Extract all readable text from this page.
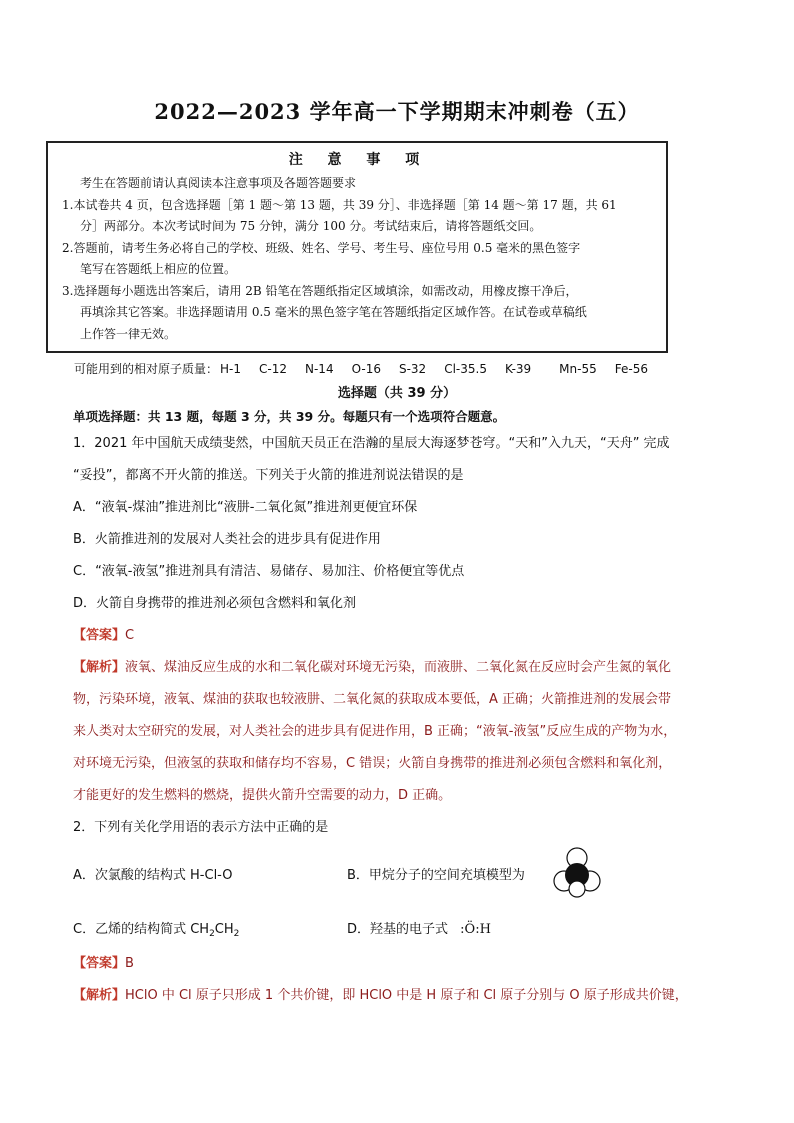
2022—2023 学年高一下学期期末冲刺卷（五）
注 意 事 项

考生在答题前请认真阅读本注意事项及各题答题要求

1.本试卷共 4 页，包含选择题［第 1 题～第 13 题，共 39 分］、非选择题［第 14 题～第 17 题，共 61

分］两部分。本次考试时间为 75 分钟，满分 100 分。考试结束后，请将答题纸交回。

2.答题前，请考生务必将自己的学校、班级、姓名、学号、考生号、座位号用 0.5 毫米的黑色签字

笔写在答题纸上相应的位置。

3.选择题每小题选出答案后，请用 2B 铅笔在答题纸指定区域填涂，如需改动，用橡皮擦干净后，

再填涂其它答案。非选择题请用 0.5 毫米的黑色签字笔在答题纸指定区域作答。在试卷或草稿纸

上作答一律无效。

可能用到的相对原子质量： H-1 C-12 N-14 O-16 S-32 Cl-35.5 K-39 Mn-55 Fe-56
选择题（共 39 分）
单项选择题：共 13 题，每题 3 分，共 39 分。每题只有一个选项符合题意。
1．2021 年中国航天成绩斐然，中国航天员正在浩瀚的星辰大海逐梦苍穹。“天和”入九天，“天舟” 完成
“妥投”，都离不开火箭的推送。下列关于火箭的推进剂说法错误的是
A．“液氧-煤油”推进剂比“液肼-二氧化氮”推进剂更便宜环保
B．火箭推进剂的发展对人类社会的进步具有促进作用
C．“液氧-液氢”推进剂具有清洁、易储存、易加注、价格便宜等优点
D．火箭自身携带的推进剂必须包含燃料和氧化剂
【答案】C
【解析】液氧、煤油反应生成的水和二氧化碳对环境无污染，而液肼、二氧化氮在反应时会产生氮的氧化
物，污染环境，液氧、煤油的获取也较液肼、二氧化氮的获取成本要低，A 正确；火箭推进剂的发展会带
来人类对太空研究的发展，对人类社会的进步具有促进作用，B 正确；“液氧-液氢”反应生成的产物为水，
对环境无污染，但液氢的获取和储存均不容易，C 错误；火箭自身携带的推进剂必须包含燃料和氧化剂，
才能更好的发生燃料的燃烧，提供火箭升空需要的动力，D 正确。
2．下列有关化学用语的表示方法中正确的是
A．次氯酸的结构式 H-Cl-O	B．甲烷分子的空间充填模型为
C．乙烯的结构简式 $CH_2CH_2$	D．羟基的电子式 :Ö:H
【答案】B
【解析】HClO 中 Cl 原子只形成 1 个共价键，即 HClO 中是 H 原子和 Cl 原子分别与 O 原子形成共价键，
